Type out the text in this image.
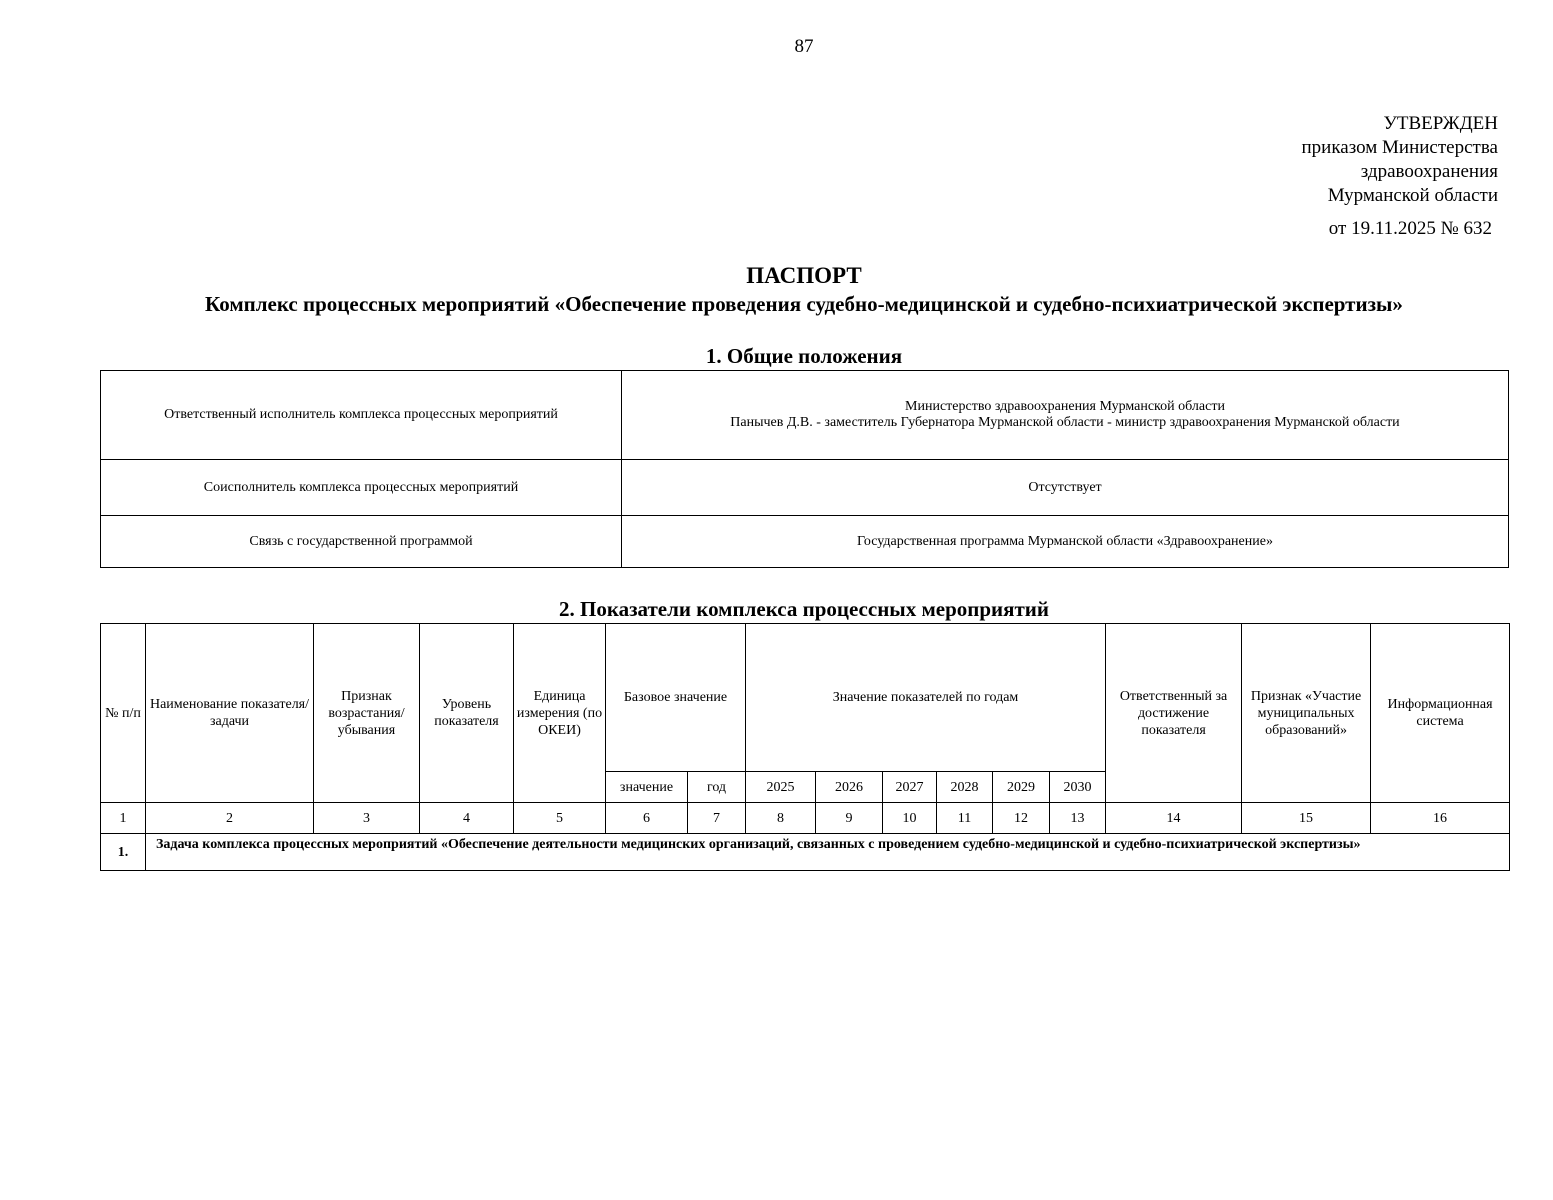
87
УТВЕРЖДЕН
приказом Министерства
здравоохранения
Мурманской области
от 19.11.2025 № 632
ПАСПОРТ
Комплекс процессных мероприятий «Обеспечение проведения судебно-медицинской и судебно-психиатрической экспертизы»
1. Общие положения
Ответственный исполнитель комплекса процессных мероприятий	Министерство здравоохранения Мурманской области
Панычев Д.В. - заместитель Губернатора Мурманской области - министр здравоохранения Мурманской области

Соисполнитель комплекса процессных мероприятий	Отсутствует
Связь с государственной программой	Государственная программа Мурманской области «Здравоохранение»
2. Показатели комплекса процессных мероприятий
№ п/п	Наименование показателя/задачи	Признак возрастания/ убывания	Уровень показателя	Единица измерения (по ОКЕИ)	Базовое значение		Значение показателей по годам						Ответственный за достижение показателя	Признак «Участие муниципальных образований»	Информационная система
					значение	год	2025	2026	2027	2028	2029	2030			
1	2	3	4	5	6	7	8	9	10	11	12	13	14	15	16
1.	Задача комплекса процессных мероприятий «Обеспечение деятельности медицинских организаций, связанных с проведением судебно-медицинской и судебно-психиатрической экспертизы»														
